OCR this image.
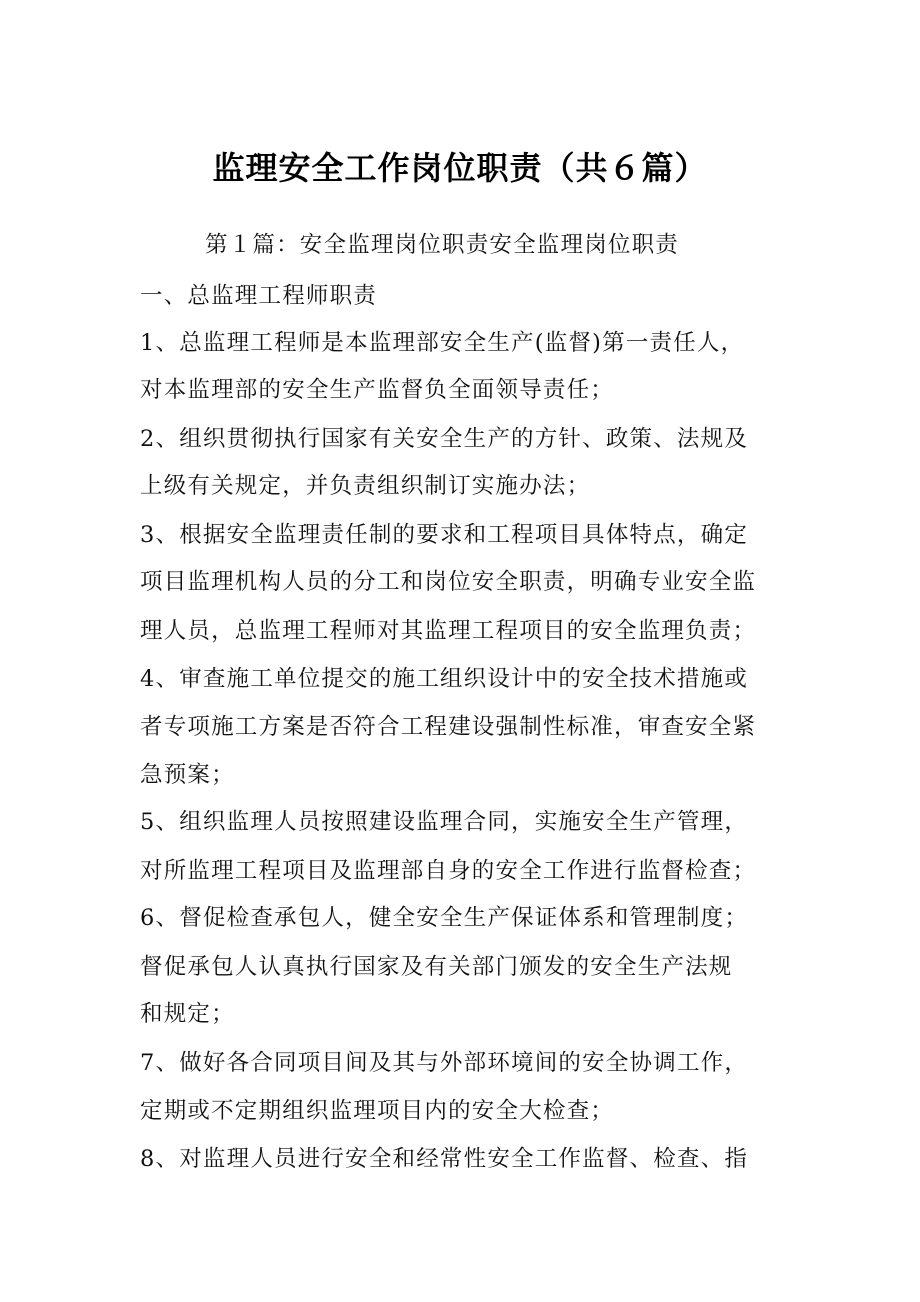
监理安全工作岗位职责（共６篇）
第１篇：安全监理岗位职责安全监理岗位职责
一、总监理工程师职责
1、总监理工程师是本监理部安全生产(监督)第一责任人，
对本监理部的安全生产监督负全面领导责任；
2、组织贯彻执行国家有关安全生产的方针、政策、法规及
上级有关规定，并负责组织制订实施办法；
3、根据安全监理责任制的要求和工程项目具体特点，确定
项目监理机构人员的分工和岗位安全职责，明确专业安全监
理人员，总监理工程师对其监理工程项目的安全监理负责；
4、审查施工单位提交的施工组织设计中的安全技术措施或
者专项施工方案是否符合工程建设强制性标准，审查安全紧
急预案；
5、组织监理人员按照建设监理合同，实施安全生产管理，
对所监理工程项目及监理部自身的安全工作进行监督检查；
6、督促检查承包人，健全安全生产保证体系和管理制度；
督促承包人认真执行国家及有关部门颁发的安全生产法规
和规定；
7、做好各合同项目间及其与外部环境间的安全协调工作，
定期或不定期组织监理项目内的安全大检查；
8、对监理人员进行安全和经常性安全工作监督、检查、指
